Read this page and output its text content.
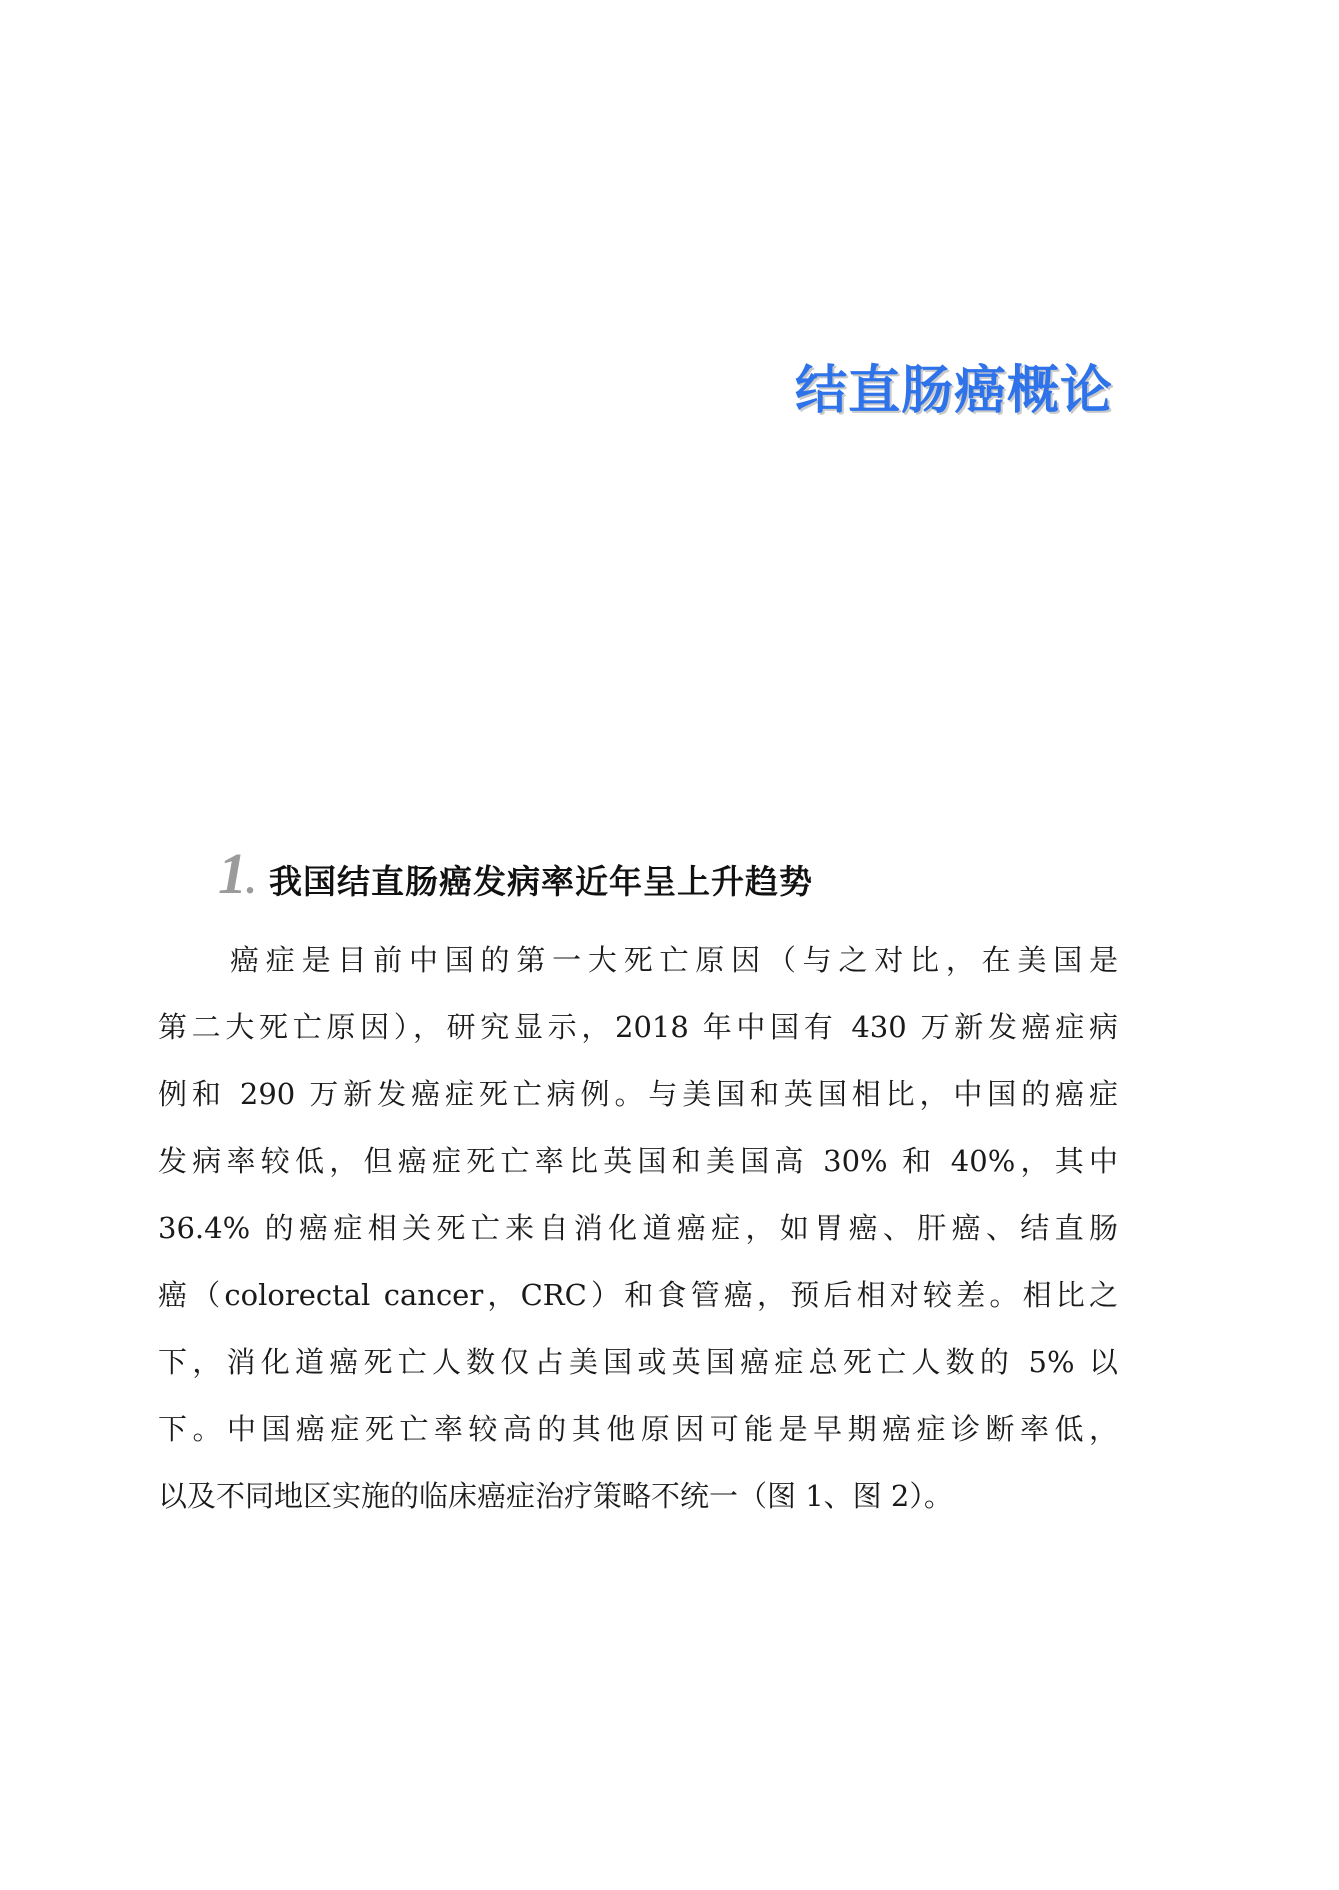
结直肠癌概论
1 . 我国结直肠癌发病率近年呈上升趋势
癌症是目前中国的第一大死亡原因（与之对比，在美国是
第二大死亡原因），研究显示，2018 年中国有 430 万新发癌症病
例和 290 万新发癌症死亡病例。与美国和英国相比，中国的癌症
发病率较低，但癌症死亡率比英国和美国高 30% 和 40%，其中
36.4% 的癌症相关死亡来自消化道癌症，如胃癌、肝癌、结直肠
癌（colorectal cancer，CRC）和食管癌，预后相对较差。相比之
下，消化道癌死亡人数仅占美国或英国癌症总死亡人数的 5% 以
下。中国癌症死亡率较高的其他原因可能是早期癌症诊断率低，
以及不同地区实施的临床癌症治疗策略不统一（图 1、图 2）。
